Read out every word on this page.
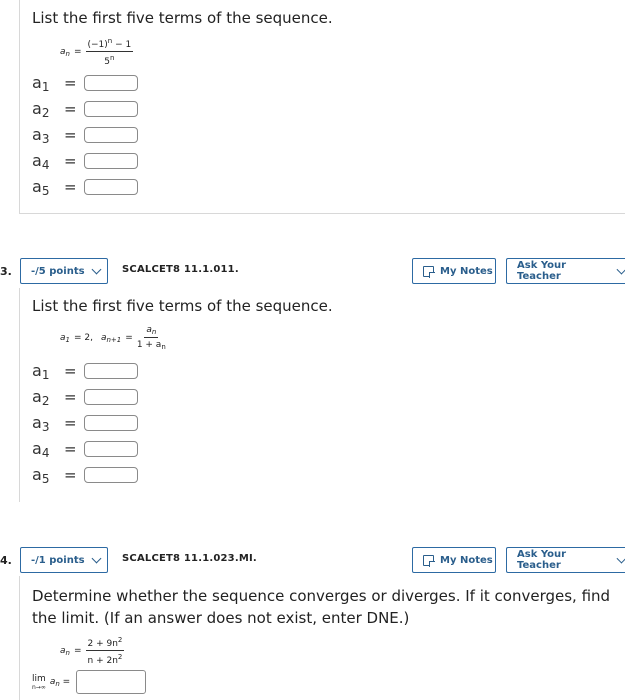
List the first five terms of the sequence.
$a_n = \frac{(-1)^n - 1}{5^n}$
a1 =
a2 =
a3 =
a4 =
a5 =
3. -/5 points	SCALCET8 11.1.011.	My Notes Ask Your Teacher
List the first five terms of the sequence.
$a_1 = 2$, $a_{n+1} = \frac{a_n}{1 + a_n}$
a1 =
a2 =
a3 =
a4 =
a5 =
4. -/1 points	SCALCET8 11.1.023.MI.	My Notes Ask Your Teacher
Determine whether the sequence converges or diverges. If it converges, find the limit. (If an answer does not exist, enter DNE.)
$a_n = \frac{2 + 9n^2}{n + 2n^2}$
lim
n→∞
$a_n$ =
